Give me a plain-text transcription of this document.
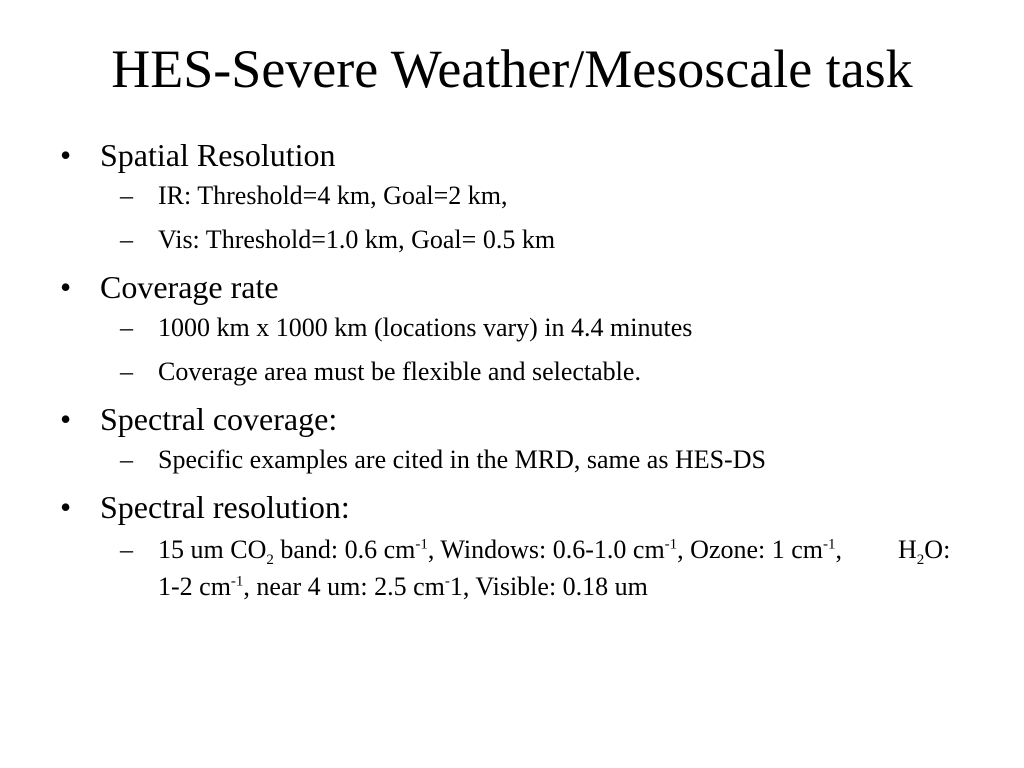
HES-Severe Weather/Mesoscale task
• Spatial Resolution
– IR: Threshold=4 km, Goal=2 km,
– Vis: Threshold=1.0 km, Goal= 0.5 km
• Coverage rate
– 1000 km x 1000 km (locations vary) in 4.4 minutes
– Coverage area must be flexible and selectable.
• Spectral coverage:
– Specific examples are cited in the MRD, same as HES-DS
• Spectral resolution:
– 15 um $CO_2$ band: 0.6 $cm^{-1}$, Windows: 0.6-1.0 $cm^{-1}$, Ozone: 1 $cm^{-1}$, $H_2O$: 1-2 $cm^{-1}$, near 4 um: 2.5 cm-1, Visible: 0.18 um
